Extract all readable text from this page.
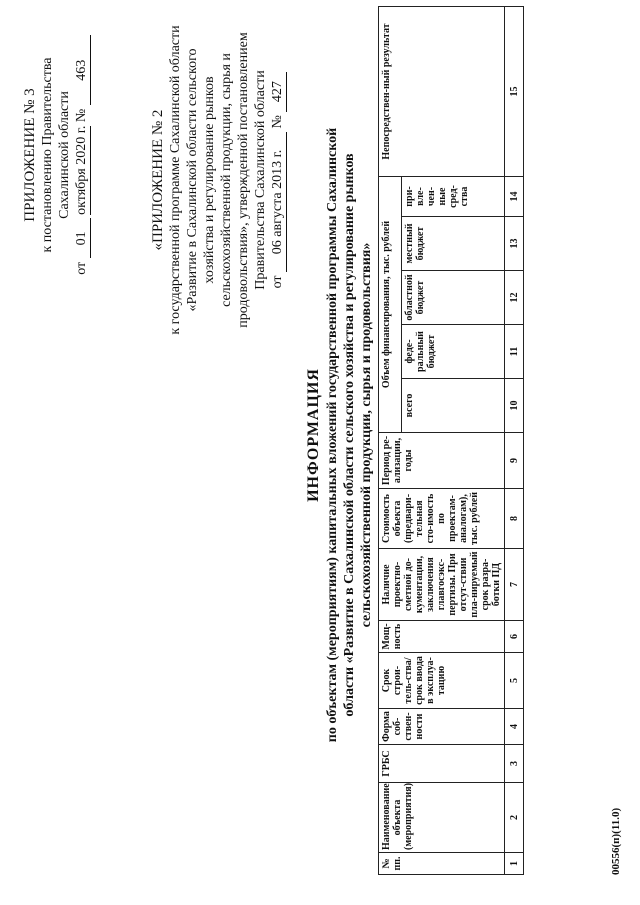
ПРИЛОЖЕНИЕ № 3 к постановлению Правительства Сахалинской области
от 01 октября 2020 г. № 463
«ПРИЛОЖЕНИЕ № 2 к государственной программе Сахалинской области «Развитие в Сахалинской области сельского хозяйства и регулирование рынков сельскохозяйственной продукции, сырья и продовольствия», утвержденной постановлением Правительства Сахалинской области от 06 августа 2013 г. № 427
ИНФОРМАЦИЯ по объектам (мероприятиям) капитальных вложений государственной программы Сахалинской области «Развитие в Сахалинской области сельского хозяйства и регулирование рынков сельскохозяйственной продукции, сырья и продовольствия»
№ пп.	Наименование объекта (мероприятия)	ГРБС	Форма соб-ствен-ности	Срок строи-тель-ства/срок ввода в эксплуа-тацию	Мощ-ность	Наличие проектно-сметной до-кументации, заключения главгосэкс-пертизы. При отсут-ствии пла-нируемый срок разра-ботки ПД	Стоимость объекта (предвари-тельная сто-имость по проектам-аналогам), тыс. рублей	Период ре-ализации, годы	Объем финансирования, тыс. рублей					Непосредствен-ный результат
									всего	феде-ральный бюджет	областной бюджет	местный бюджет	при-вле-чен-ные сред-ства	
1	2	3	4	5	6	7	8	9	10	11	12	13	14	15
00556(п)(11.0)
